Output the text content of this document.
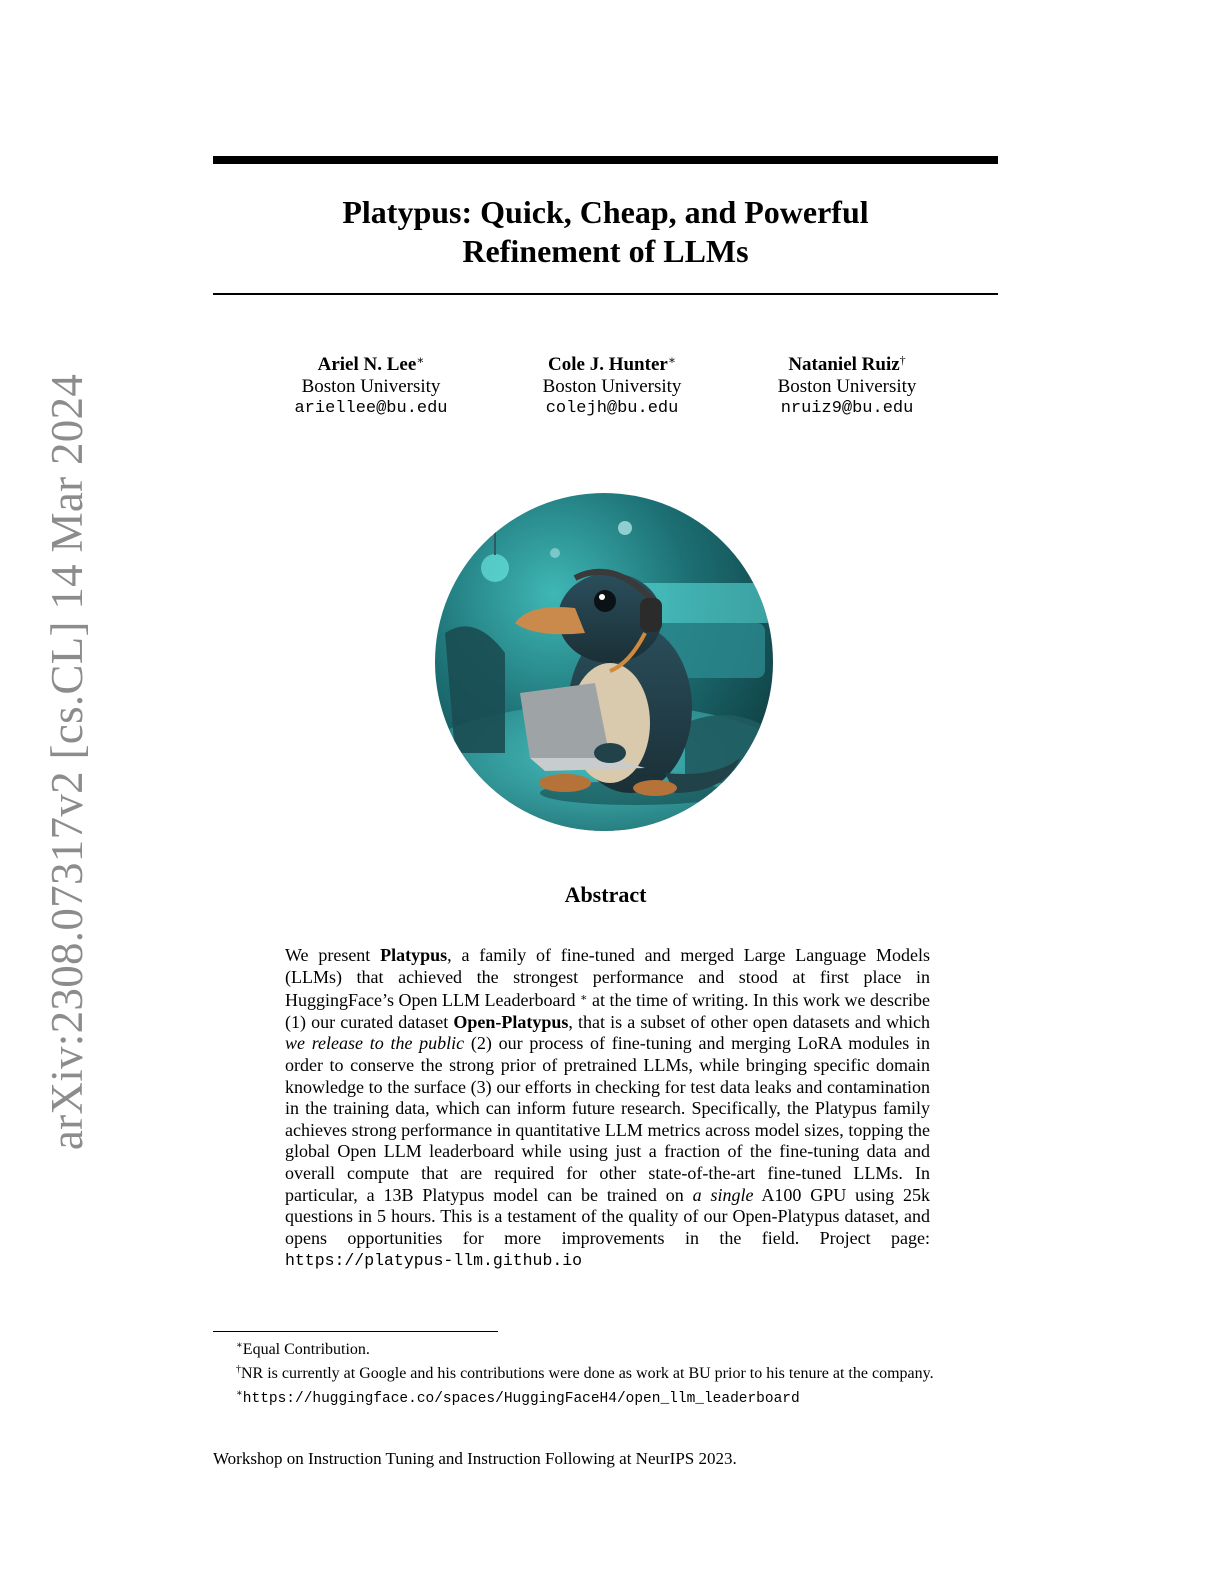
arXiv:2308.07317v2 [cs.CL] 14 Mar 2024
Platypus: Quick, Cheap, and Powerful
Refinement of LLMs
Ariel N. Lee∗
Boston University
ariellee@bu.edu
Cole J. Hunter∗
Boston University
colejh@bu.edu
Nataniel Ruiz†
Boston University
nruiz9@bu.edu
Abstract
We present Platypus, a family of fine-tuned and merged Large Language Models (LLMs) that achieved the strongest performance and stood at first place in HuggingFace’s Open LLM Leaderboard ∗ at the time of writing. In this work we describe (1) our curated dataset Open-Platypus, that is a subset of other open datasets and which we release to the public (2) our process of fine-tuning and merging LoRA modules in order to conserve the strong prior of pretrained LLMs, while bringing specific domain knowledge to the surface (3) our efforts in checking for test data leaks and contamination in the training data, which can inform future research. Specifically, the Platypus family achieves strong performance in quantitative LLM metrics across model sizes, topping the global Open LLM leaderboard while using just a fraction of the fine-tuning data and overall compute that are required for other state-of-the-art fine-tuned LLMs. In particular, a 13B Platypus model can be trained on a single A100 GPU using 25k questions in 5 hours. This is a testament of the quality of our Open-Platypus dataset, and opens opportunities for more improvements in the field. Project page: https://platypus-llm.github.io
∗Equal Contribution.
†NR is currently at Google and his contributions were done as work at BU prior to his tenure at the company.
∗https://huggingface.co/spaces/HuggingFaceH4/open_llm_leaderboard
Workshop on Instruction Tuning and Instruction Following at NeurIPS 2023.
